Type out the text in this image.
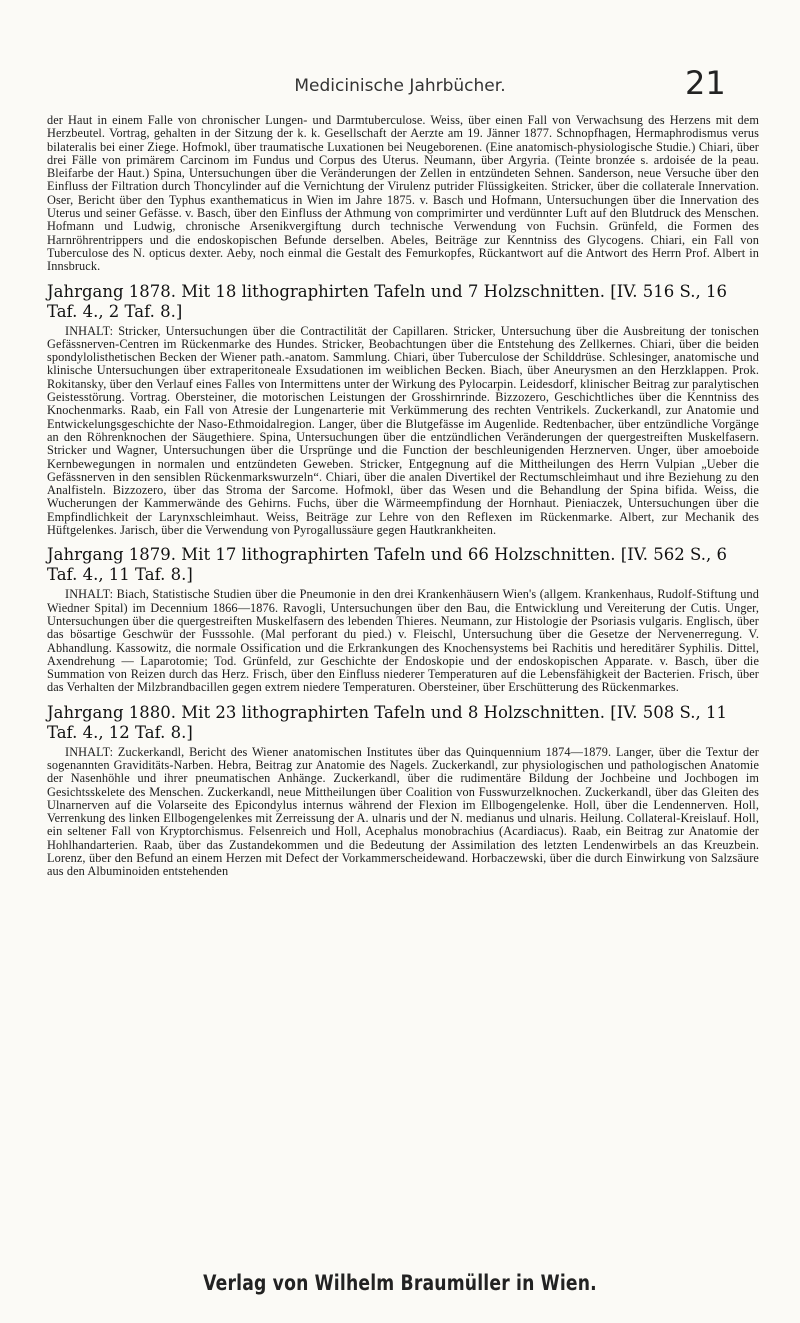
Medicinische Jahrbücher.	21

der Haut in einem Falle von chronischer Lungen- und Darmtuberculose. Weiss, über einen Fall von Verwachsung des Herzens mit dem Herzbeutel. Vortrag, gehalten in der Sitzung der k. k. Gesellschaft der Aerzte am 19. Jänner 1877. Schnopfhagen, Hermaphrodismus verus bilateralis bei einer Ziege. Hofmokl, über traumatische Luxationen bei Neugeborenen. (Eine anatomisch-physiologische Studie.) Chiari, über drei Fälle von primärem Carcinom im Fundus und Corpus des Uterus. Neumann, über Argyria. (Teinte bronzée s. ardoisée de la peau. Bleifarbe der Haut.) Spina, Untersuchungen über die Veränderungen der Zellen in entzündeten Sehnen. Sanderson, neue Versuche über den Einfluss der Filtration durch Thoncylinder auf die Vernichtung der Virulenz putrider Flüssigkeiten. Stricker, über die collaterale Innervation. Oser, Bericht über den Typhus exanthematicus in Wien im Jahre 1875. v. Basch und Hofmann, Untersuchungen über die Innervation des Uterus und seiner Gefässe. v. Basch, über den Einfluss der Athmung von comprimirter und verdünnter Luft auf den Blutdruck des Menschen. Hofmann und Ludwig, chronische Arsenikvergiftung durch technische Verwendung von Fuchsin. Grünfeld, die Formen des Harnröhrentrippers und die endoskopischen Befunde derselben. Abeles, Beiträge zur Kenntniss des Glycogens. Chiari, ein Fall von Tuberculose des N. opticus dexter. Aeby, noch einmal die Gestalt des Femurkopfes, Rückantwort auf die Antwort des Herrn Prof. Albert in Innsbruck.

Jahrgang 1878. Mit 18 lithographirten Tafeln und 7 Holzschnitten. [IV. 516 S., 16 Taf. 4., 2 Taf. 8.]

INHALT: Stricker, Untersuchungen über die Contractilität der Capillaren. Stricker, Untersuchung über die Ausbreitung der tonischen Gefässnerven-Centren im Rückenmarke des Hundes. Stricker, Beobachtungen über die Entstehung des Zellkernes. Chiari, über die beiden spondylolisthetischen Becken der Wiener path.-anatom. Sammlung. Chiari, über Tuberculose der Schilddrüse. Schlesinger, anatomische und klinische Untersuchungen über extraperitoneale Exsudationen im weiblichen Becken. Biach, über Aneurysmen an den Herzklappen. Prok. Rokitansky, über den Verlauf eines Falles von Intermittens unter der Wirkung des Pylocarpin. Leidesdorf, klinischer Beitrag zur paralytischen Geistesstörung. Vortrag. Obersteiner, die motorischen Leistungen der Grosshirnrinde. Bizzozero, Geschichtliches über die Kenntniss des Knochenmarks. Raab, ein Fall von Atresie der Lungenarterie mit Verkümmerung des rechten Ventrikels. Zuckerkandl, zur Anatomie und Entwickelungsgeschichte der Naso-Ethmoidalregion. Langer, über die Blutgefässe im Augenlide. Redtenbacher, über entzündliche Vorgänge an den Röhrenknochen der Säugethiere. Spina, Untersuchungen über die entzündlichen Veränderungen der quergestreiften Muskelfasern. Stricker und Wagner, Untersuchungen über die Ursprünge und die Function der beschleunigenden Herznerven. Unger, über amoeboide Kernbewegungen in normalen und entzündeten Geweben. Stricker, Entgegnung auf die Mittheilungen des Herrn Vulpian „Ueber die Gefässnerven in den sensiblen Rückenmarkswurzeln“. Chiari, über die analen Divertikel der Rectumschleimhaut und ihre Beziehung zu den Analfisteln. Bizzozero, über das Stroma der Sarcome. Hofmokl, über das Wesen und die Behandlung der Spina bifida. Weiss, die Wucherungen der Kammerwände des Gehirns. Fuchs, über die Wärmeempfindung der Hornhaut. Pieniaczek, Untersuchungen über die Empfindlichkeit der Larynxschleimhaut. Weiss, Beiträge zur Lehre von den Reflexen im Rückenmarke. Albert, zur Mechanik des Hüftgelenkes. Jarisch, über die Verwendung von Pyrogallussäure gegen Hautkrankheiten.

Jahrgang 1879. Mit 17 lithographirten Tafeln und 66 Holzschnitten. [IV. 562 S., 6 Taf. 4., 11 Taf. 8.]

INHALT: Biach, Statistische Studien über die Pneumonie in den drei Krankenhäusern Wien's (allgem. Krankenhaus, Rudolf-Stiftung und Wiedner Spital) im Decennium 1866—1876. Ravogli, Untersuchungen über den Bau, die Entwicklung und Vereiterung der Cutis. Unger, Untersuchungen über die quergestreiften Muskelfasern des lebenden Thieres. Neumann, zur Histologie der Psoriasis vulgaris. Englisch, über das bösartige Geschwür der Fusssohle. (Mal perforant du pied.) v. Fleischl, Untersuchung über die Gesetze der Nervenerregung. V. Abhandlung. Kassowitz, die normale Ossification und die Erkrankungen des Knochensystems bei Rachitis und hereditärer Syphilis. Dittel, Axendrehung — Laparotomie; Tod. Grünfeld, zur Geschichte der Endoskopie und der endoskopischen Apparate. v. Basch, über die Summation von Reizen durch das Herz. Frisch, über den Einfluss niederer Temperaturen auf die Lebensfähigkeit der Bacterien. Frisch, über das Verhalten der Milzbrandbacillen gegen extrem niedere Temperaturen. Obersteiner, über Erschütterung des Rückenmarkes.

Jahrgang 1880. Mit 23 lithographirten Tafeln und 8 Holzschnitten. [IV. 508 S., 11 Taf. 4., 12 Taf. 8.]

INHALT: Zuckerkandl, Bericht des Wiener anatomischen Institutes über das Quinquennium 1874—1879. Langer, über die Textur der sogenannten Graviditäts-Narben. Hebra, Beitrag zur Anatomie des Nagels. Zuckerkandl, zur physiologischen und pathologischen Anatomie der Nasenhöhle und ihrer pneumatischen Anhänge. Zuckerkandl, über die rudimentäre Bildung der Jochbeine und Jochbogen im Gesichtsskelete des Menschen. Zuckerkandl, neue Mittheilungen über Coalition von Fusswurzelknochen. Zuckerkandl, über das Gleiten des Ulnarnerven auf die Volarseite des Epicondylus internus während der Flexion im Ellbogengelenke. Holl, über die Lendennerven. Holl, Verrenkung des linken Ellbogengelenkes mit Zerreissung der A. ulnaris und der N. medianus und ulnaris. Heilung. Collateral-Kreislauf. Holl, ein seltener Fall von Kryptorchismus. Felsenreich und Holl, Acephalus monobrachius (Acardiacus). Raab, ein Beitrag zur Anatomie der Hohlhandarterien. Raab, über das Zustandekommen und die Bedeutung der Assimilation des letzten Lendenwirbels an das Kreuzbein. Lorenz, über den Befund an einem Herzen mit Defect der Vorkammerscheidewand. Horbaczewski, über die durch Einwirkung von Salzsäure aus den Albuminoiden entstehenden

Verlag von Wilhelm Braumüller in Wien.
